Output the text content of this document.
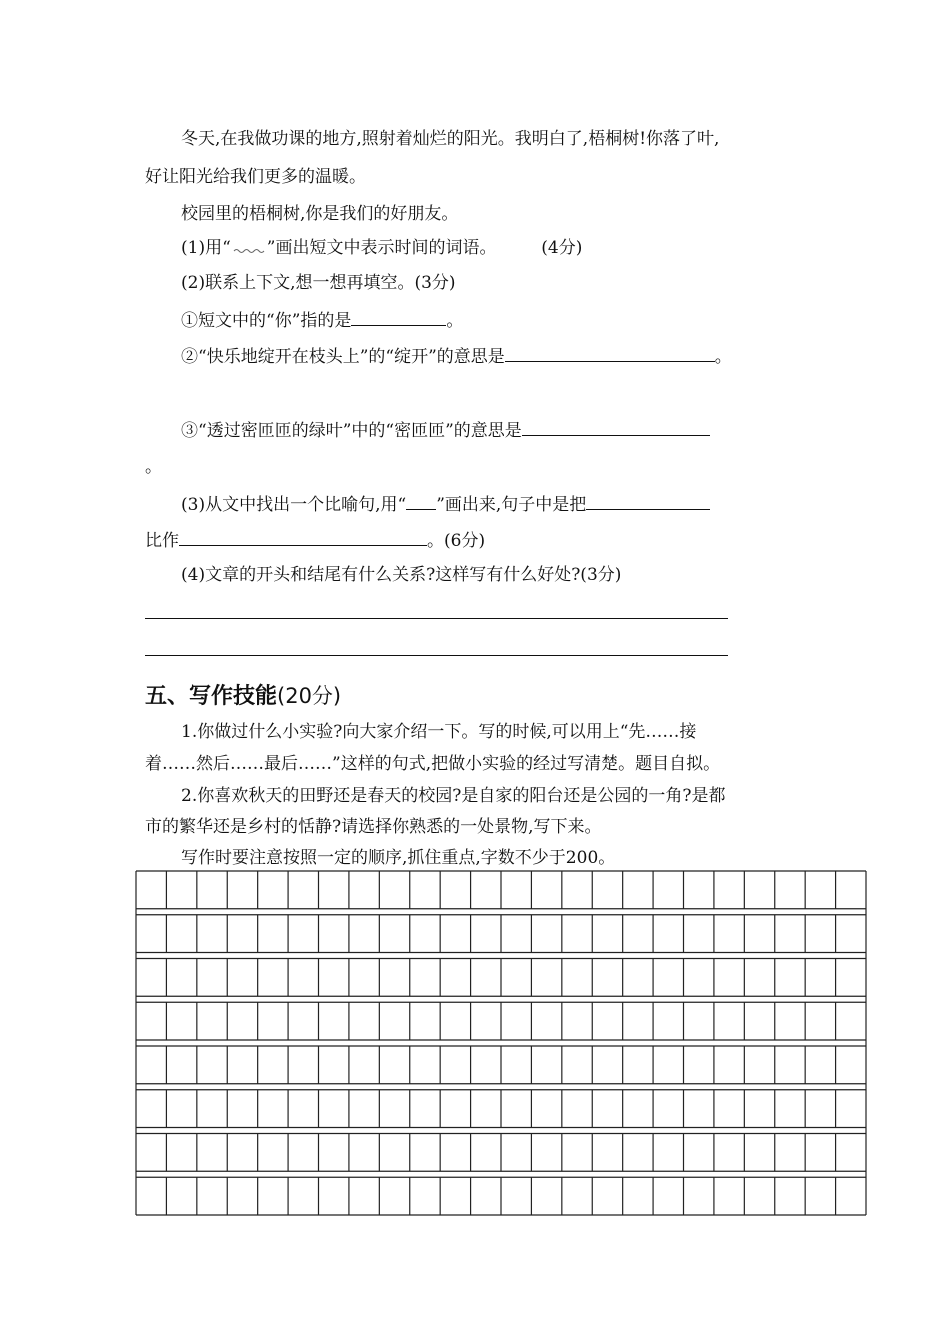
冬天,在我做功课的地方,照射着灿烂的阳光。我明白了,梧桐树!你落了叶,
好让阳光给我们更多的温暖。
校园里的梧桐树,你是我们的好朋友。
(1)用“ ”画出短文中表示时间的词语。	(4分)
(2)联系上下文,想一想再填空。(3分)
①短文中的“你”指的是	。
②“快乐地绽开在枝头上”的“绽开”的意思是	。
③“透过密匝匝的绿叶”中的“密匝匝”的意思是
。
(3)从文中找出一个比喻句,用“ ”画出来,句子中是把
比作	。(6分)
(4)文章的开头和结尾有什么关系?这样写有什么好处?(3分)
五、写作技能(20分)
1.你做过什么小实验?向大家介绍一下。写的时候,可以用上“先……接
着……然后……最后……”这样的句式,把做小实验的经过写清楚。题目自拟。
2.你喜欢秋天的田野还是春天的校园?是自家的阳台还是公园的一角?是都
市的繁华还是乡村的恬静?请选择你熟悉的一处景物,写下来。
写作时要注意按照一定的顺序,抓住重点,字数不少于200。
